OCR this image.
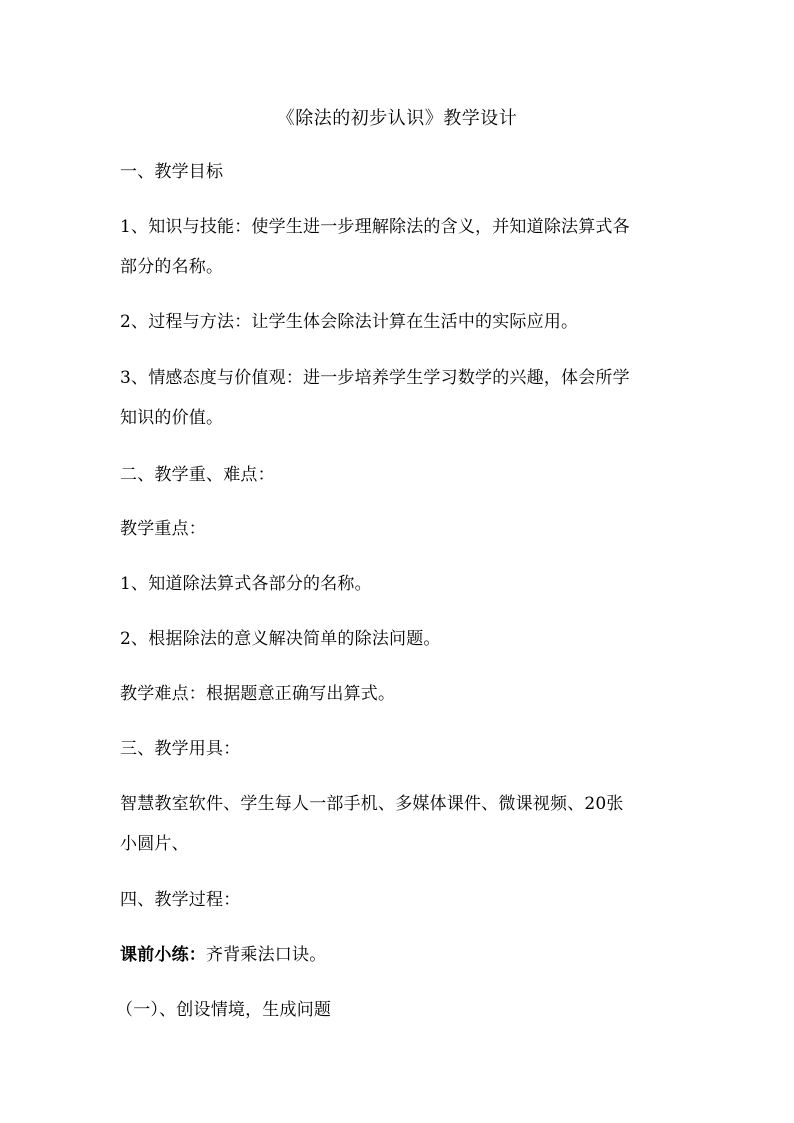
《除法的初步认识》教学设计
一、教学目标
1、知识与技能：使学生进一步理解除法的含义，并知道除法算式各
部分的名称。
2、过程与方法：让学生体会除法计算在生活中的实际应用。
3、情感态度与价值观：进一步培养学生学习数学的兴趣，体会所学
知识的价值。
二、教学重、难点：
教学重点：
1、知道除法算式各部分的名称。
2、根据除法的意义解决简单的除法问题。
教学难点：根据题意正确写出算式。
三、教学用具：
智慧教室软件、学生每人一部手机、多媒体课件、微课视频、20张
小圆片、
四、教学过程：
课前小练：齐背乘法口诀。
（一）、创设情境，生成问题
